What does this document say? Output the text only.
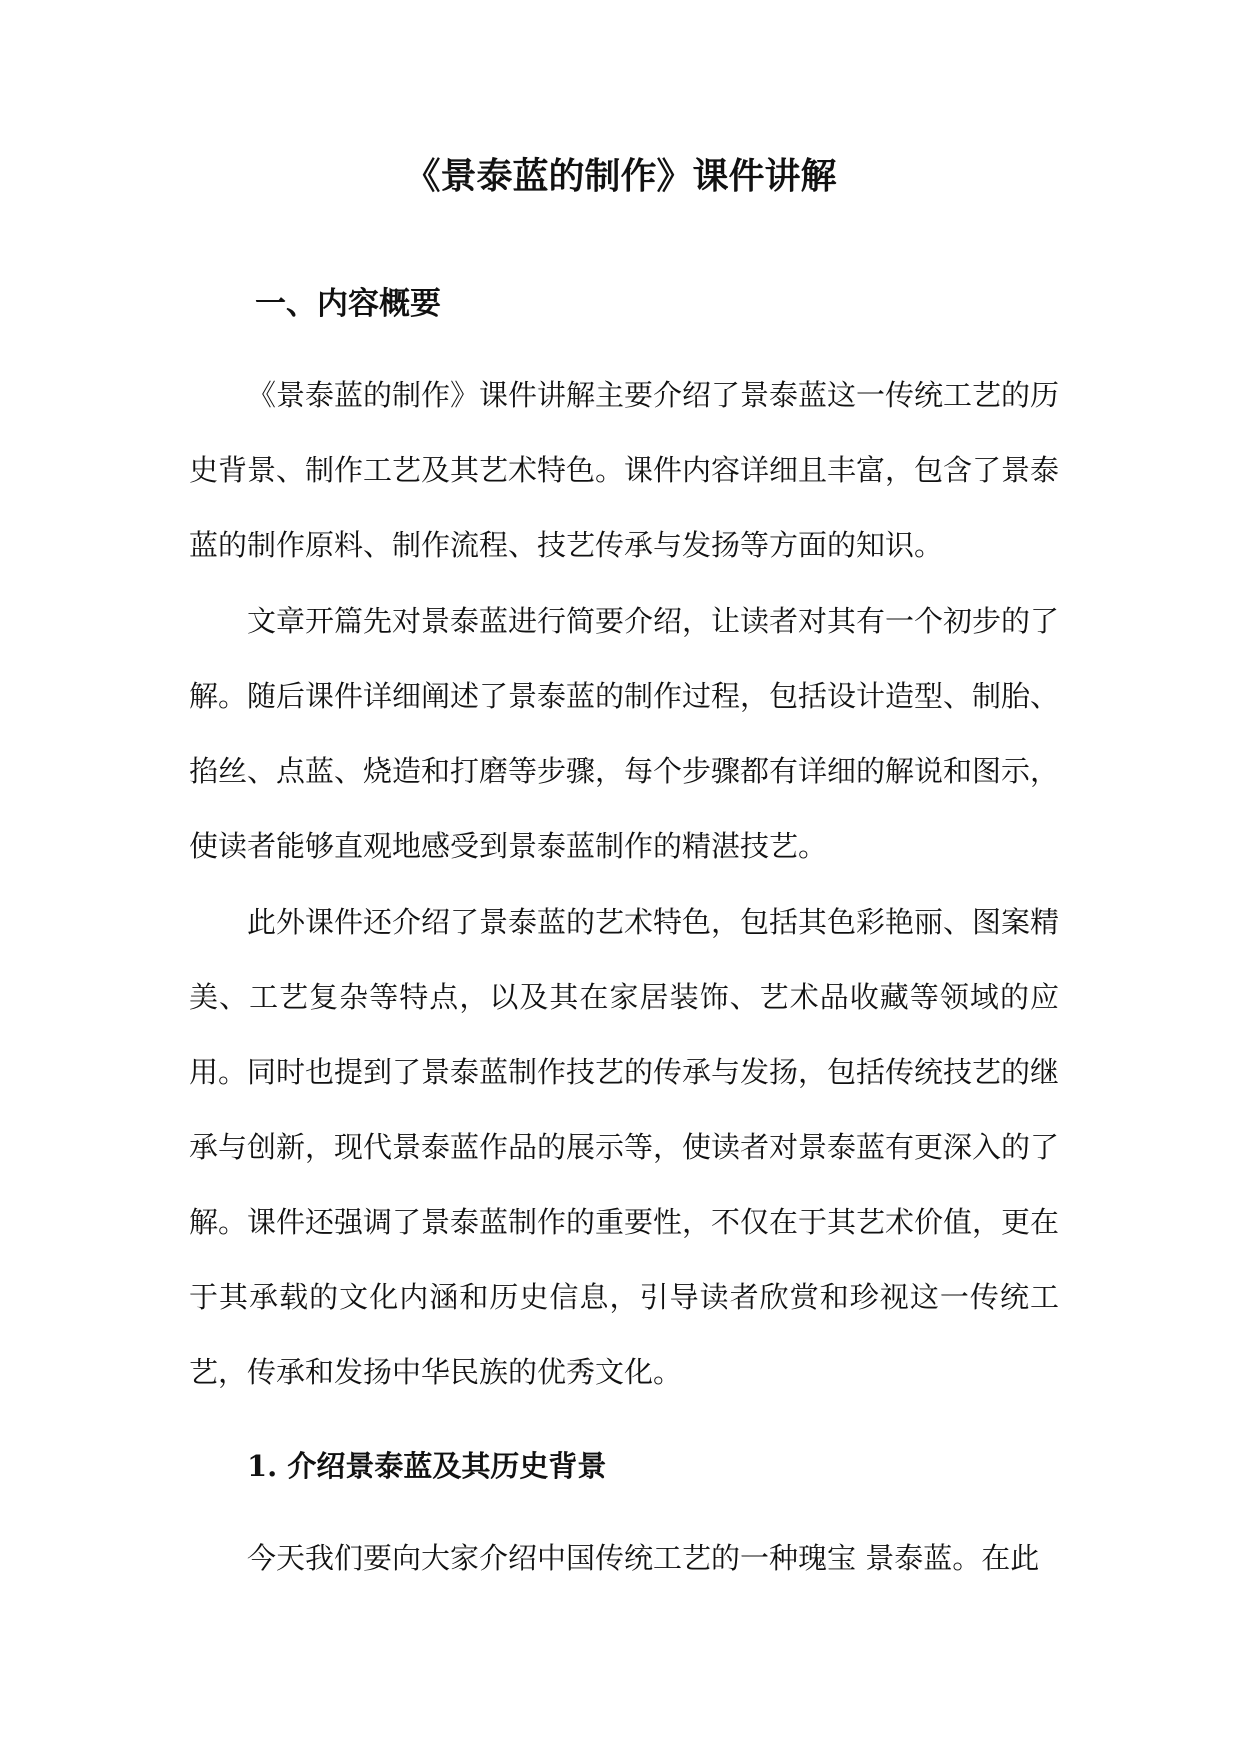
《景泰蓝的制作》课件讲解
一、内容概要

《景泰蓝的制作》课件讲解主要介绍了景泰蓝这一传统工艺的历史背景、制作工艺及其艺术特色。课件内容详细且丰富，包含了景泰蓝的制作原料、制作流程、技艺传承与发扬等方面的知识。

文章开篇先对景泰蓝进行简要介绍，让读者对其有一个初步的了解。随后课件详细阐述了景泰蓝的制作过程，包括设计造型、制胎、掐丝、点蓝、烧造和打磨等步骤，每个步骤都有详细的解说和图示，使读者能够直观地感受到景泰蓝制作的精湛技艺。

此外课件还介绍了景泰蓝的艺术特色，包括其色彩艳丽、图案精美、工艺复杂等特点，以及其在家居装饰、艺术品收藏等领域的应用。同时也提到了景泰蓝制作技艺的传承与发扬，包括传统技艺的继承与创新，现代景泰蓝作品的展示等，使读者对景泰蓝有更深入的了解。 课件还强调了景泰蓝制作的重要性，不仅在于其艺术价值，更在于其承载的文化内涵和历史信息，引导读者欣赏和珍视这一传统工艺，传承和发扬中华民族的优秀文化。

1. 介绍景泰蓝及其历史背景

今天我们要向大家介绍中国传统工艺的一种瑰宝 景泰蓝。在此
